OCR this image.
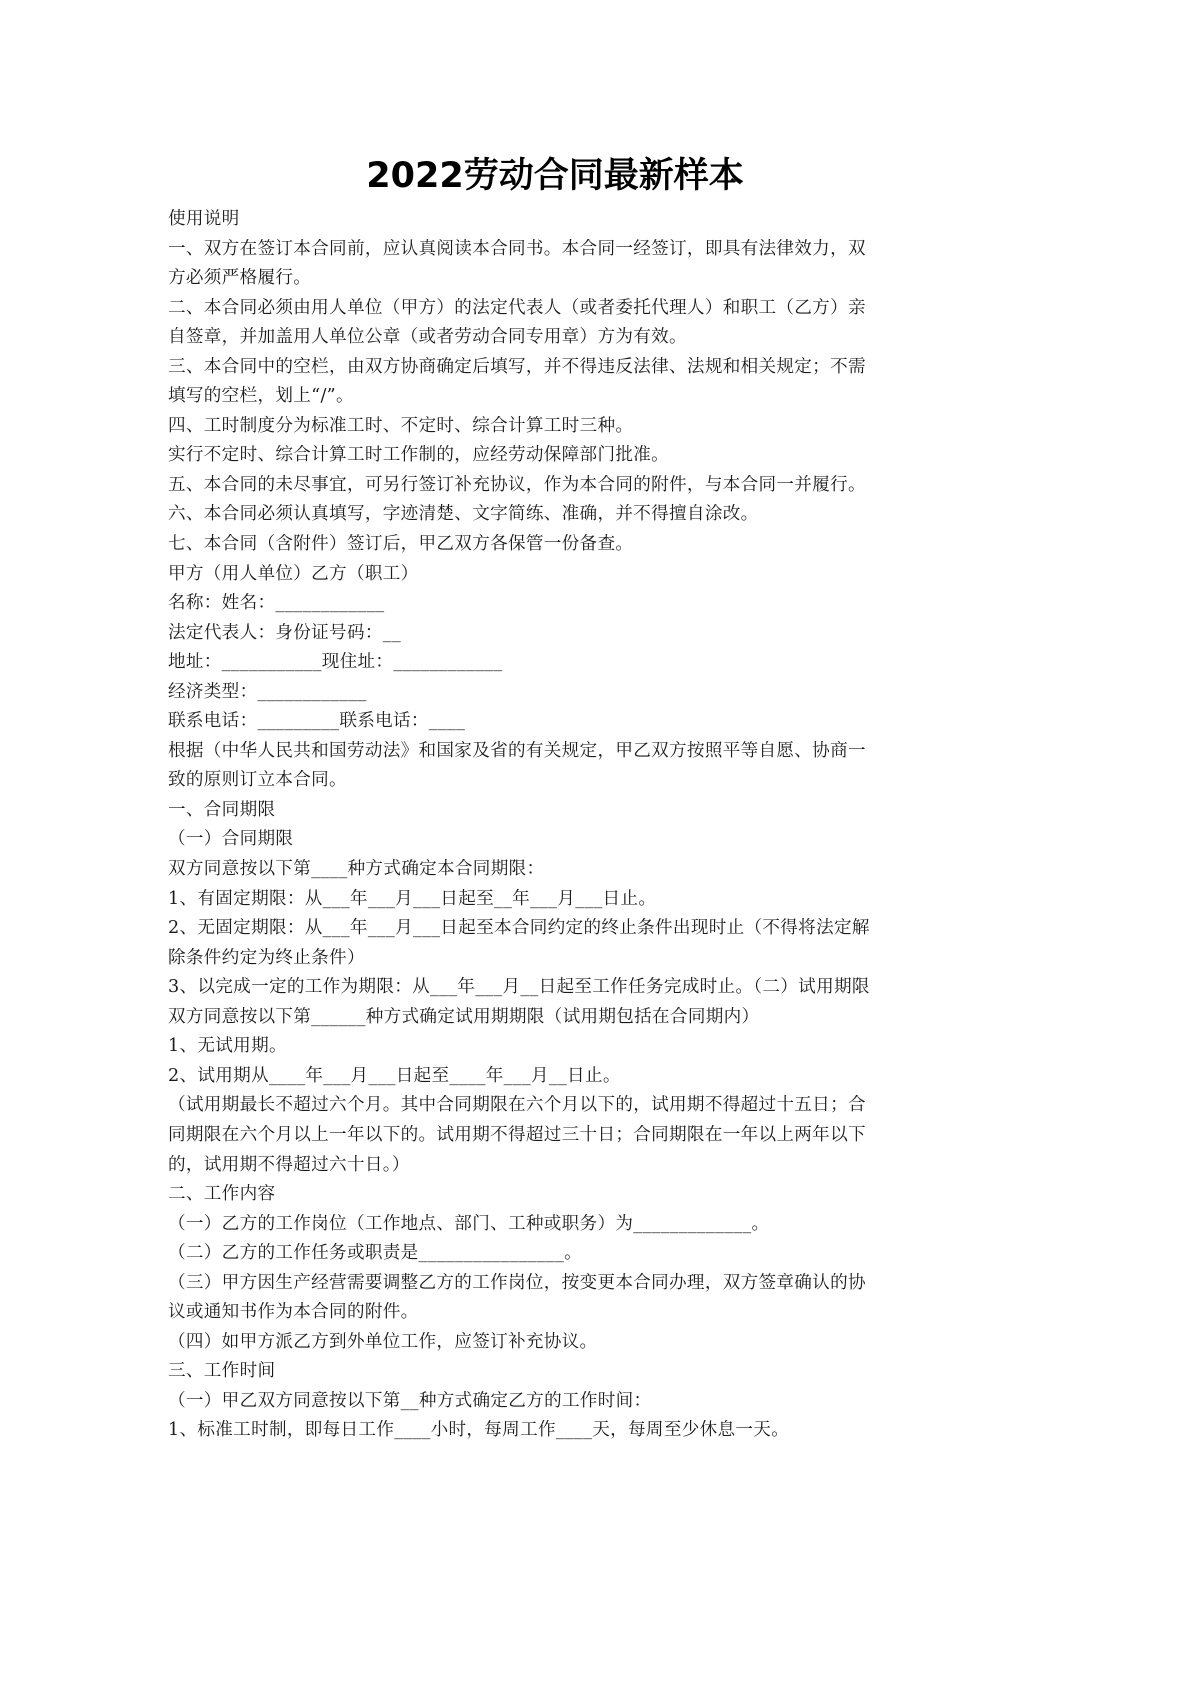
2022劳动合同最新样本
使用说明
一、双方在签订本合同前，应认真阅读本合同书。本合同一经签订，即具有法律效力，双
方必须严格履行。
二、本合同必须由用人单位（甲方）的法定代表人（或者委托代理人）和职工（乙方）亲
自签章，并加盖用人单位公章（或者劳动合同专用章）方为有效。
三、本合同中的空栏，由双方协商确定后填写，并不得违反法律、法规和相关规定；不需
填写的空栏，划上“/”。
四、工时制度分为标准工时、不定时、综合计算工时三种。
实行不定时、综合计算工时工作制的，应经劳动保障部门批准。
五、本合同的未尽事宜，可另行签订补充协议，作为本合同的附件，与本合同一并履行。
六、本合同必须认真填写，字迹清楚、文字简练、准确，并不得擅自涂改。
七、本合同（含附件）签订后，甲乙双方各保管一份备查。
甲方（用人单位）乙方（职工）
名称：姓名：____________
法定代表人：身份证号码：__
地址：___________现住址：____________
经济类型：____________
联系电话：_________联系电话：____
根据（中华人民共和国劳动法》和国家及省的有关规定，甲乙双方按照平等自愿、协商一
致的原则订立本合同。
一、合同期限
（一）合同期限
双方同意按以下第____种方式确定本合同期限：
1、有固定期限：从___年___月___日起至__年___月___日止。
2、无固定期限：从___年___月___日起至本合同约定的终止条件出现时止（不得将法定解
除条件约定为终止条件）
3、以完成一定的工作为期限：从___年___月__日起至工作任务完成时止。（二）试用期限
双方同意按以下第______种方式确定试用期期限（试用期包括在合同期内）
1、无试用期。
2、试用期从____年___月___日起至____年___月__日止。
（试用期最长不超过六个月。其中合同期限在六个月以下的，试用期不得超过十五日；合
同期限在六个月以上一年以下的。试用期不得超过三十日；合同期限在一年以上两年以下
的，试用期不得超过六十日。）
二、工作内容
（一）乙方的工作岗位（工作地点、部门、工种或职务）为_____________。
（二）乙方的工作任务或职责是________________。
（三）甲方因生产经营需要调整乙方的工作岗位，按变更本合同办理，双方签章确认的协
议或通知书作为本合同的附件。
（四）如甲方派乙方到外单位工作，应签订补充协议。
三、工作时间
（一）甲乙双方同意按以下第__种方式确定乙方的工作时间：
1、标准工时制，即每日工作____小时，每周工作____天，每周至少休息一天。
